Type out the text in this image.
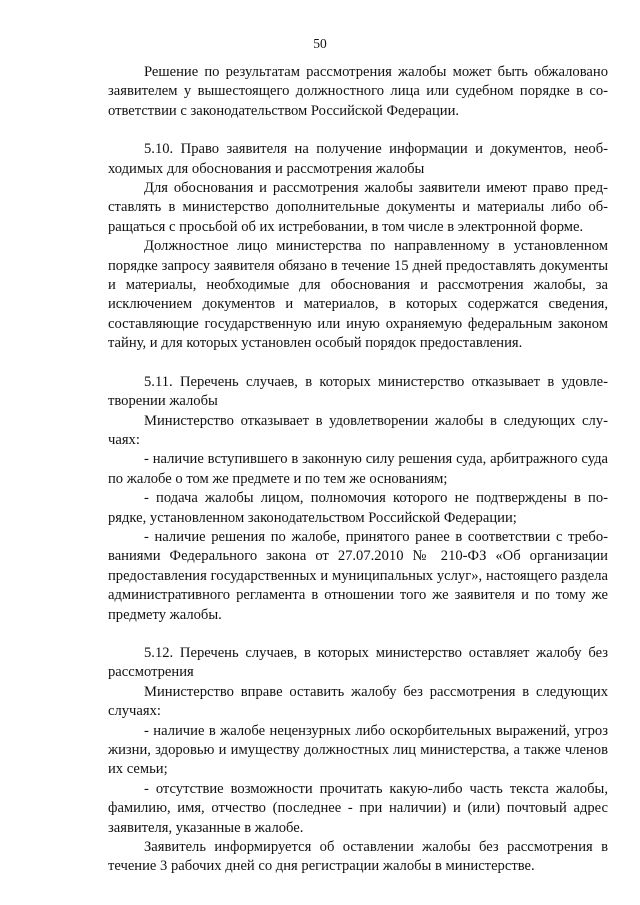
50

Решение по результатам рассмотрения жалобы может быть обжаловано заявителем у вышестоящего должностного лица или судебном порядке в соответствии с законодательством Российской Федерации.

5.10. Право заявителя на получение информации и документов, необходимых для обоснования и рассмотрения жалобы

Для обоснования и рассмотрения жалобы заявители имеют право представлять в министерство дополнительные документы и материалы либо обращаться с просьбой об их истребовании, в том числе в электронной форме.

Должностное лицо министерства по направленному в установленном порядке запросу заявителя обязано в течение 15 дней предоставлять документы и материалы, необходимые для обоснования и рассмотрения жалобы, за исключением документов и материалов, в которых содержатся сведения, составляющие государственную или иную охраняемую федеральным законом тайну, и для которых установлен особый порядок предоставления.

5.11. Перечень случаев, в которых министерство отказывает в удовлетворении жалобы

Министерство отказывает в удовлетворении жалобы в следующих случаях:

- наличие вступившего в законную силу решения суда, арбитражного суда по жалобе о том же предмете и по тем же основаниям;

- подача жалобы лицом, полномочия которого не подтверждены в порядке, установленном законодательством Российской Федерации;

- наличие решения по жалобе, принятого ранее в соответствии с требованиями Федерального закона от 27.07.2010 № 210-ФЗ «Об организации предоставления государственных и муниципальных услуг», настоящего раздела административного регламента в отношении того же заявителя и по тому же предмету жалобы.

5.12. Перечень случаев, в которых министерство оставляет жалобу без рассмотрения

Министерство вправе оставить жалобу без рассмотрения в следующих случаях:

- наличие в жалобе нецензурных либо оскорбительных выражений, угроз жизни, здоровью и имуществу должностных лиц министерства, а также членов их семьи;

- отсутствие возможности прочитать какую-либо часть текста жалобы, фамилию, имя, отчество (последнее - при наличии) и (или) почтовый адрес заявителя, указанные в жалобе.

Заявитель информируется об оставлении жалобы без рассмотрения в течение 3 рабочих дней со дня регистрации жалобы в министерстве.
